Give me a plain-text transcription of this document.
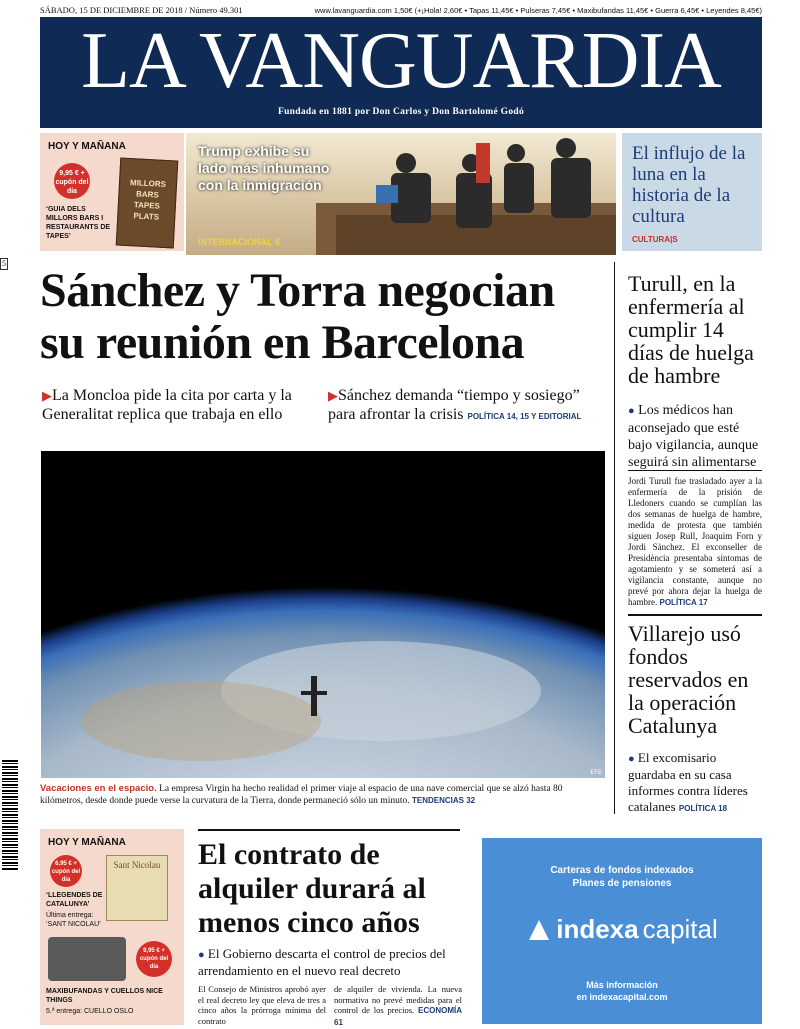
SÁBADO, 15 DE DICIEMBRE DE 2018 / Número 49.301	www.lavanguardia.com 1,50€ (+¡Hola! 2,60€ • Tapas 11,45€ • Pulseras 7,45€ • Maxibufandas 11,45€ • Guerra 6,45€ • Leyendes 8,45€)
LA VANGUARDIA
Fundada en 1881 por Don Carlos y Don Bartolomé Godó
HOY Y MAÑANA
9,95 € + cupón del día
MILLORS BARS TAPES PLATS
‘GUIA DELS MILLORS BARS I RESTAURANTS DE TAPES’
Trump exhibe su lado más inhumano con la inmigración
INTERNACIONAL 6
El influjo de la luna en la historia de la cultura
CULTURA|S
5
Sánchez y Torra negocian su reunión en Barcelona
▶La Moncloa pide la cita por carta y la Generalitat replica que trabaja en ello
▶Sánchez demanda “tiempo y sosiego” para afrontar la crisis POLÍTICA 14, 15 Y EDITORIAL
EFE
Vacaciones en el espacio. La empresa Virgin ha hecho realidad el primer viaje al espacio de una nave comercial que se alzó hasta 80 kilómetros, desde donde puede verse la curvatura de la Tierra, donde permaneció sólo un minuto. TENDENCIAS 32
Turull, en la enfermería al cumplir 14 días de huelga de hambre
● Los médicos han aconsejado que esté bajo vigilancia, aunque seguirá sin alimentarse
Jordi Turull fue trasladado ayer a la enfermería de la prisión de Lledoners cuando se cumplían las dos semanas de huelga de hambre, medida de protesta que también siguen Josep Rull, Joaquim Forn y Jordi Sànchez. El exconseller de Presidència presentaba síntomas de agotamiento y se someterá así a vigilancia constante, aunque no prevé por ahora dejar la huelga de hambre. POLÍTICA 17
Villarejo usó fondos reservados en la operación Catalunya
● El excomisario guardaba en su casa informes contra líderes catalanes POLÍTICA 18
HOY Y MAÑANA
6,95 € + cupón del día
Sant Nicolau
‘LLEGENDES DE CATALUNYA’
Última entrega: ‘SANT NICOLAU’
9,95 € + cupón del día
MAXIBUFANDAS Y CUELLOS NICE THINGS
5.ª entrega: CUELLO OSLO
El contrato de alquiler durará al menos cinco años
● El Gobierno descarta el control de precios del arrendamiento en el nuevo real decreto
El Consejo de Ministros aprobó ayer el real decreto ley que eleva de tres a cinco años la prórroga mínima del contrato
de alquiler de vivienda. La nueva normativa no prevé medidas para el control de los precios. ECONOMÍA 61
Carteras de fondos indexados
Planes de pensiones
indexa capital
Más información
en indexacapital.com
